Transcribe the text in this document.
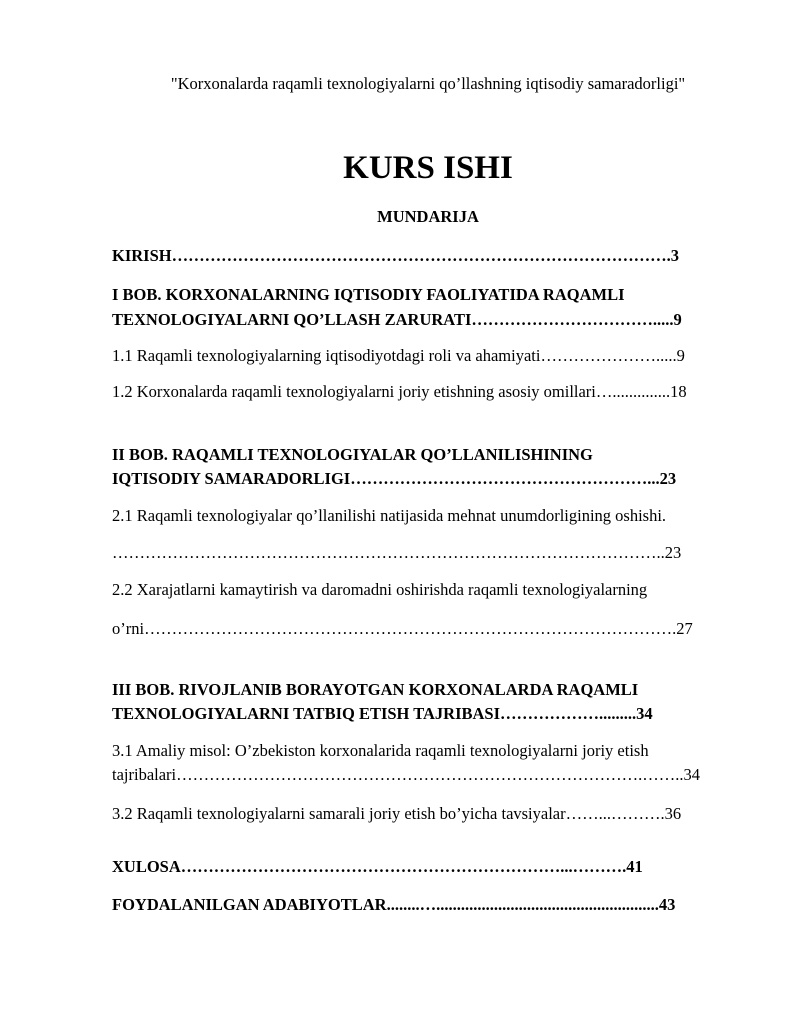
"Korxonalarda raqamli texnologiyalarni qo’llashning iqtisodiy samaradorligi"
KURS ISHI
MUNDARIJA
KIRISH……………………………………………………………………………….3
I BOB. KORXONALARNING IQTISODIY FAOLIYATIDA RAQAMLI
TEXNOLOGIYALARNI QO’LLASH ZARURATI…………………………….....9
1.1 Raqamli texnologiyalarning iqtisodiyotdagi roli va ahamiyati………………….....9
1.2 Korxonalarda raqamli texnologiyalarni joriy etishning asosiy omillari…..............18
II BOB. RAQAMLI TEXNOLOGIYALAR QO’LLANILISHINING
IQTISODIY SAMARADORLIGI………………………………………………...23
2.1 Raqamli texnologiyalar qo’llanilishi natijasida mehnat unumdorligining oshishi.
………………………………………………………………………………………..23
2.2 Xarajatlarni kamaytirish va daromadni oshirishda raqamli texnologiyalarning
o’rni…………………………………………………………………………………….27
III BOB. RIVOJLANIB BORAYOTGAN KORXONALARDA RAQAMLI
TEXNOLOGIYALARNI TATBIQ ETISH TAJRIBASI……………….........34
3.1 Amaliy misol: O’zbekiston korxonalarida raqamli texnologiyalarni joriy etish
tajribalari………………………………………………………………………….……..34
3.2 Raqamli texnologiyalarni samarali joriy etish bo’yicha tavsiyalar……...……….36
XULOSA……………………………………………………………...……….41
FOYDALANILGAN ADABIYOTLAR........…......................................................43
